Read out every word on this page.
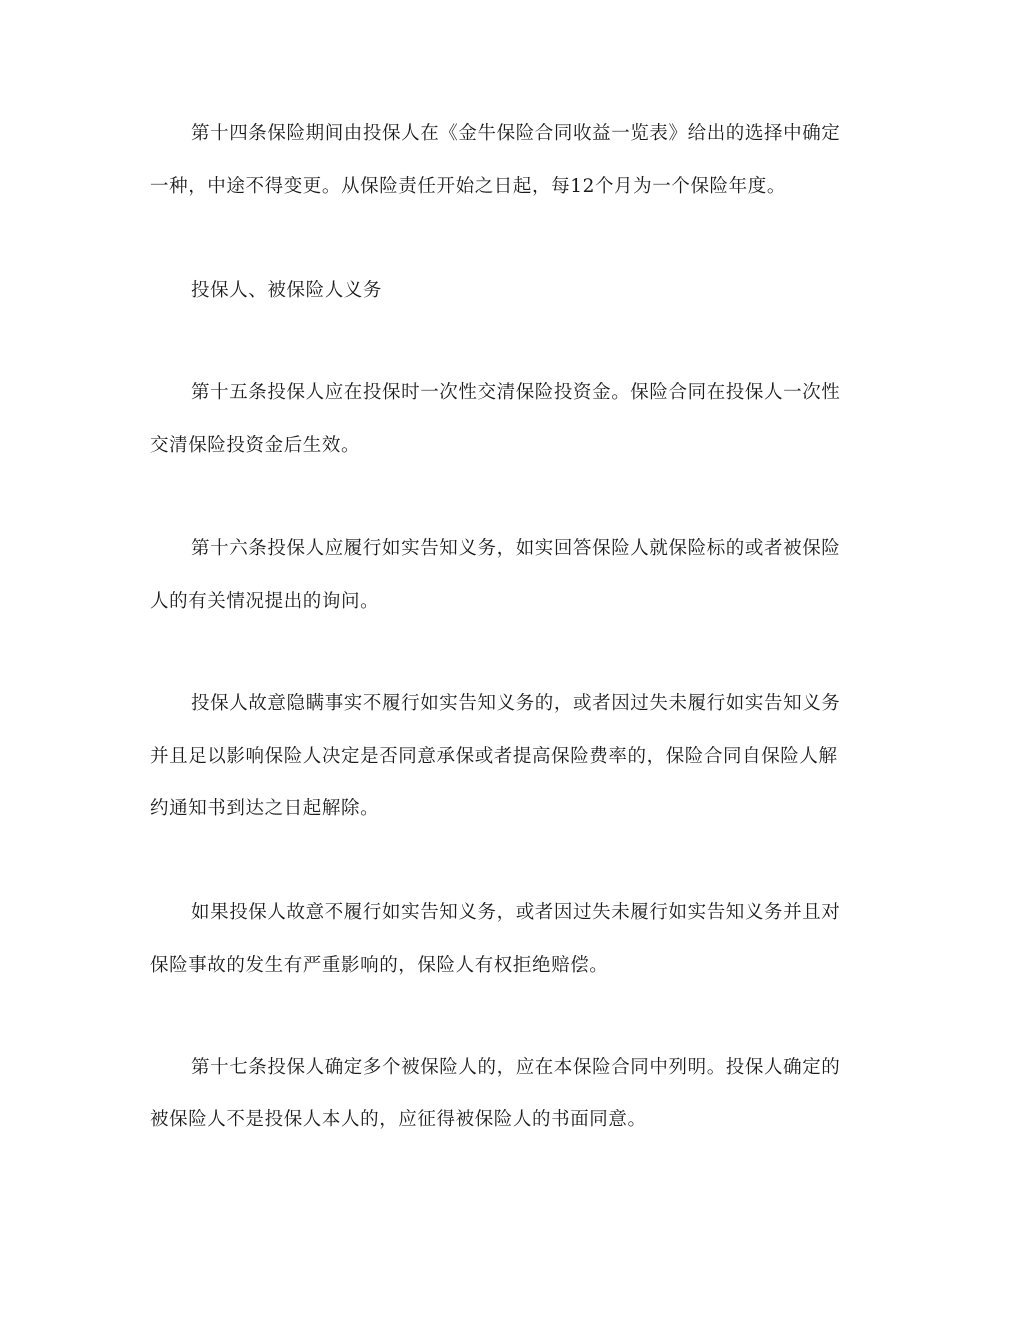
第十四条保险期间由投保人在《金牛保险合同收益一览表》给出的选择中确定
一种，中途不得变更。从保险责任开始之日起，每12个月为一个保险年度。
投保人、被保险人义务
第十五条投保人应在投保时一次性交清保险投资金。保险合同在投保人一次性
交清保险投资金后生效。
第十六条投保人应履行如实告知义务，如实回答保险人就保险标的或者被保险
人的有关情况提出的询问。
投保人故意隐瞒事实不履行如实告知义务的，或者因过失未履行如实告知义务
并且足以影响保险人决定是否同意承保或者提高保险费率的，保险合同自保险人解
约通知书到达之日起解除。
如果投保人故意不履行如实告知义务，或者因过失未履行如实告知义务并且对
保险事故的发生有严重影响的，保险人有权拒绝赔偿。
第十七条投保人确定多个被保险人的，应在本保险合同中列明。投保人确定的
被保险人不是投保人本人的，应征得被保险人的书面同意。
